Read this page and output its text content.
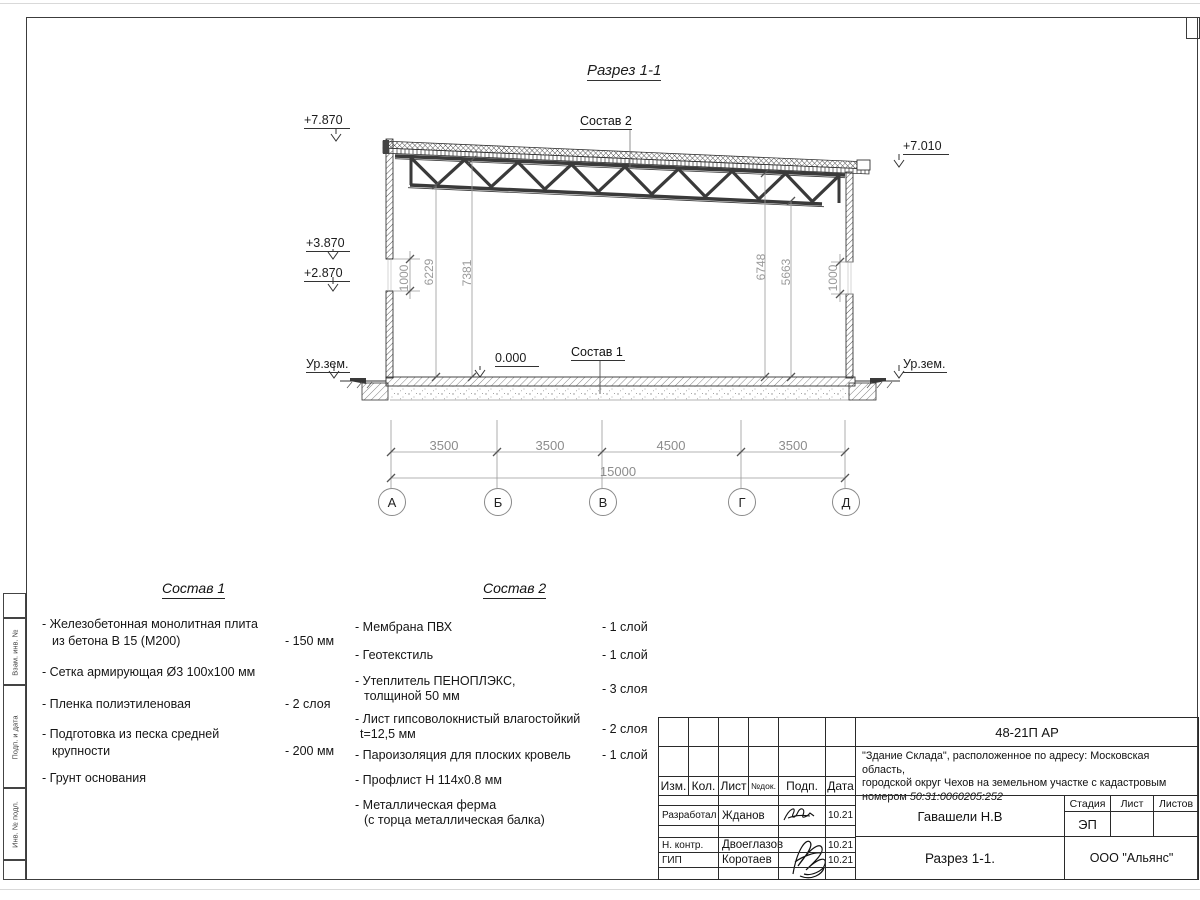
Взам. инв. №
Подп. и дата
Инв. № подл.
Разрез 1-1
+7.870	Состав 2
+7.010
+3.870
+2.870
Ур.зем.	0.000	Состав 1
Ур.зем.
1000 6229 7381	6748 5663	1000
3500	3500	4500	3500
15000
А	Б	В	Г	Д
Состав 1
- Железобетонная монолитная плита
из бетона В 15 (М200)	- 150 мм
- Сетка армирующая Ø3 100х100 мм
- Пленка полиэтиленовая	- 2 слоя
- Подготовка из песка средней
крупности	- 200 мм
- Грунт основания
Состав 2
- Мембрана ПВХ	- 1 слой
- Геотекстиль	- 1 слой
- Утеплитель ПЕНОПЛЭКС,
толщиной 50 мм	- 3 слоя
- Лист гипсоволокнистый влагостойкий
t=12,5 мм	- 2 слоя
- Пароизоляция для плоских кровель - 1 слой
- Профлист Н 114х0.8 мм
- Металлическая ферма
(с торца металлическая балка)
Изм. Кол. Лист №док. Подп. Дата
Разработал Жданов	10.21
Н. контр.	Двоеглазов	10.21
ГИП	Коротаев	10.21
48-21П АР
"Здание Склада", расположенное по адресу: Московская область,
городской округ Чехов на земельном участке с кадастровым
номером 50:31:0060205:252
Гавашели Н.В
Стадия	Лист	Листов
ЭП
Разрез 1-1.	ООО "Альянс"
